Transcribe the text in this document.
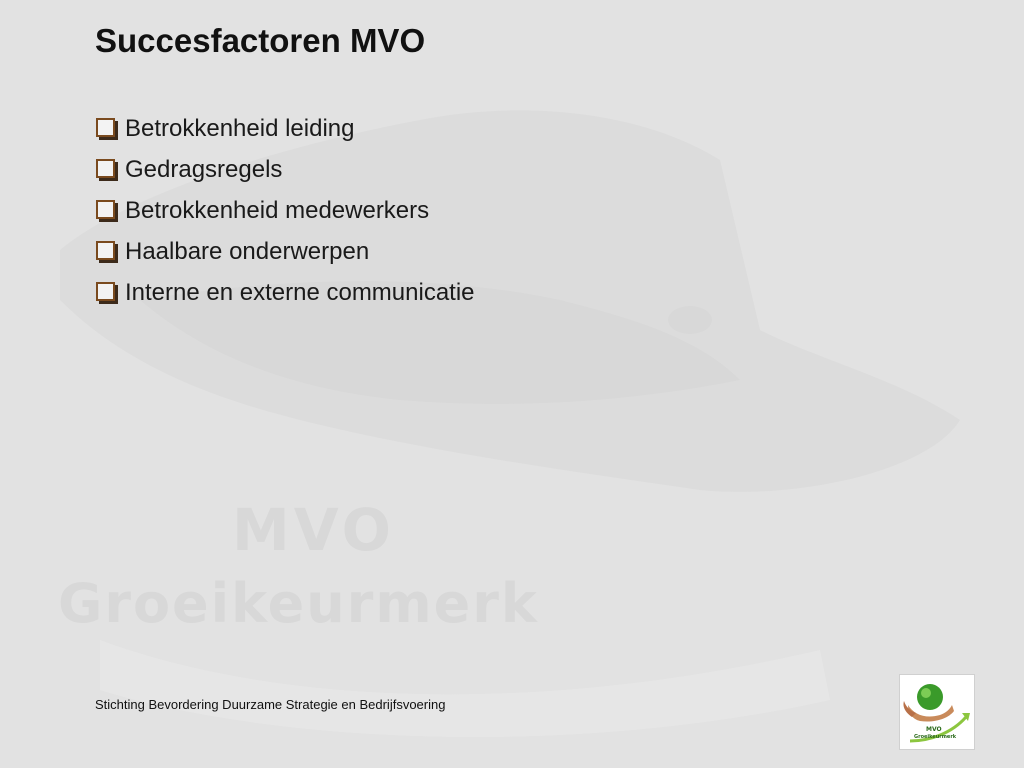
MVO
Groeikeurmerk
Succesfactoren MVO
Betrokkenheid leiding
Gedragsregels
Betrokkenheid medewerkers
Haalbare onderwerpen
Interne en externe communicatie
Stichting Bevordering Duurzame Strategie en Bedrijfsvoering
MVO
Groeikeurmerk
